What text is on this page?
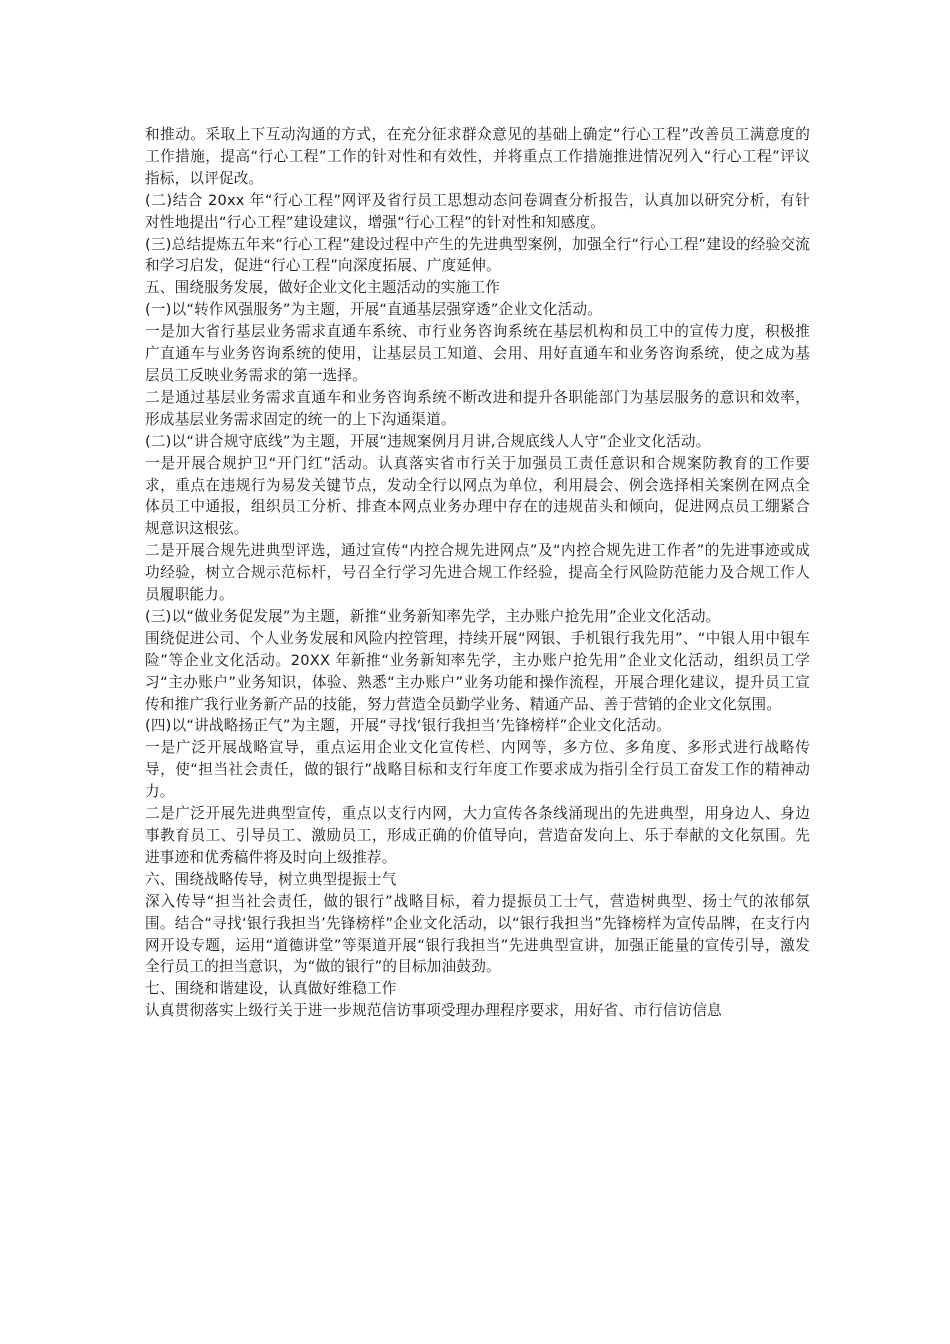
和推动。采取上下互动沟通的方式，在充分征求群众意见的基础上确定“行心工程”改善员工满意度的工作措施，提高“行心工程”工作的针对性和有效性，并将重点工作措施推进情况列入“行心工程”评议指标，以评促改。

(二)结合 20xx 年“行心工程”网评及省行员工思想动态问卷调查分析报告，认真加以研究分析，有针对性地提出“行心工程”建设建议，增强“行心工程”的针对性和知感度。

(三)总结提炼五年来“行心工程”建设过程中产生的先进典型案例，加强全行“行心工程”建设的经验交流和学习启发，促进“行心工程”向深度拓展、广度延伸。

五、围绕服务发展，做好企业文化主题活动的实施工作

(一)以“转作风强服务”为主题，开展“直通基层强穿透”企业文化活动。

一是加大省行基层业务需求直通车系统、市行业务咨询系统在基层机构和员工中的宣传力度，积极推广直通车与业务咨询系统的使用，让基层员工知道、会用、用好直通车和业务咨询系统，使之成为基层员工反映业务需求的第一选择。

二是通过基层业务需求直通车和业务咨询系统不断改进和提升各职能部门为基层服务的意识和效率，形成基层业务需求固定的统一的上下沟通渠道。

(二)以“讲合规守底线”为主题，开展“违规案例月月讲,合规底线人人守”企业文化活动。

一是开展合规护卫“开门红”活动。认真落实省市行关于加强员工责任意识和合规案防教育的工作要求，重点在违规行为易发关键节点，发动全行以网点为单位，利用晨会、例会选择相关案例在网点全体员工中通报，组织员工分析、排查本网点业务办理中存在的违规苗头和倾向，促进网点员工绷紧合规意识这根弦。

二是开展合规先进典型评选，通过宣传“内控合规先进网点”及“内控合规先进工作者”的先进事迹或成功经验，树立合规示范标杆，号召全行学习先进合规工作经验，提高全行风险防范能力及合规工作人员履职能力。

(三)以“做业务促发展”为主题，新推“业务新知率先学，主办账户抢先用”企业文化活动。

围绕促进公司、个人业务发展和风险内控管理，持续开展“网银、手机银行我先用”、“中银人用中银车险”等企业文化活动。20XX 年新推“业务新知率先学，主办账户抢先用”企业文化活动，组织员工学习“主办账户”业务知识，体验、熟悉“主办账户”业务功能和操作流程，开展合理化建议，提升员工宣传和推广我行业务新产品的技能，努力营造全员勤学业务、精通产品、善于营销的企业文化氛围。

(四)以“讲战略扬正气”为主题，开展“寻找‘银行我担当’先锋榜样”企业文化活动。

一是广泛开展战略宣导，重点运用企业文化宣传栏、内网等，多方位、多角度、多形式进行战略传导，使“担当社会责任，做的银行”战略目标和支行年度工作要求成为指引全行员工奋发工作的精神动力。

二是广泛开展先进典型宣传，重点以支行内网，大力宣传各条线涌现出的先进典型，用身边人、身边事教育员工、引导员工、激励员工，形成正确的价值导向，营造奋发向上、乐于奉献的文化氛围。先进事迹和优秀稿件将及时向上级推荐。

六、围绕战略传导，树立典型提振士气

深入传导“担当社会责任，做的银行”战略目标，着力提振员工士气，营造树典型、扬士气的浓郁氛围。结合“寻找‘银行我担当’先锋榜样”企业文化活动，以“银行我担当”先锋榜样为宣传品牌，在支行内网开设专题，运用“道德讲堂”等渠道开展“银行我担当”先进典型宣讲，加强正能量的宣传引导，激发全行员工的担当意识，为“做的银行”的目标加油鼓劲。

七、围绕和谐建设，认真做好维稳工作

认真贯彻落实上级行关于进一步规范信访事项受理办理程序要求，用好省、市行信访信息
